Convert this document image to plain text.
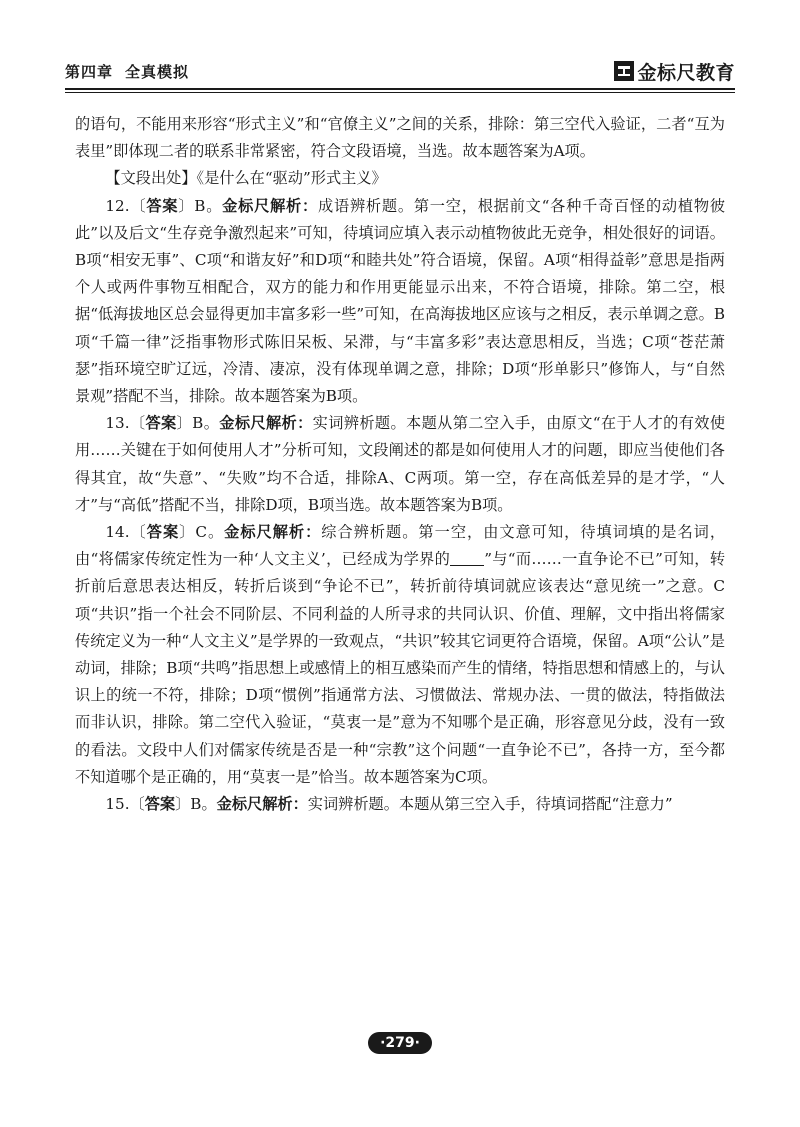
第四章 全真模拟	金标尺教育

的语句，不能用来形容“形式主义”和“官僚主义”之间的关系，排除：第三空代入验证，二者“互为表里”即体现二者的联系非常紧密，符合文段语境，当选。故本题答案为A项。

【文段出处】《是什么在“驱动”形式主义》

12.〔答案〕B。金标尺解析：成语辨析题。第一空，根据前文“各种千奇百怪的动植物彼此”以及后文“生存竞争激烈起来”可知，待填词应填入表示动植物彼此无竞争，相处很好的词语。B项“相安无事”、C项“和谐友好”和D项“和睦共处”符合语境，保留。A项“相得益彰”意思是指两个人或两件事物互相配合，双方的能力和作用更能显示出来，不符合语境，排除。第二空，根据“低海拔地区总会显得更加丰富多彩一些”可知，在高海拔地区应该与之相反，表示单调之意。B项“千篇一律”泛指事物形式陈旧呆板、呆滞，与“丰富多彩”表达意思相反，当选；C项“苍茫萧瑟”指环境空旷辽远，冷清、凄凉，没有体现单调之意，排除；D项“形单影只”修饰人，与“自然景观”搭配不当，排除。故本题答案为B项。

13.〔答案〕B。金标尺解析：实词辨析题。本题从第二空入手，由原文“在于人才的有效使用……关键在于如何使用人才”分析可知，文段阐述的都是如何使用人才的问题，即应当使他们各得其宜，故“失意”、“失败”均不合适，排除A、C两项。第一空，存在高低差异的是才学，“人才”与“高低”搭配不当，排除D项，B项当选。故本题答案为B项。

14.〔答案〕C。金标尺解析：综合辨析题。第一空，由文意可知，待填词填的是名词，由“将儒家传统定性为一种‘人文主义’，已经成为学界的 ”与“而……一直争论不已”可知，转折前后意思表达相反，转折后谈到“争论不已”，转折前待填词就应该表达“意见统一”之意。C项“共识”指一个社会不同阶层、不同利益的人所寻求的共同认识、价值、理解，文中指出将儒家传统定义为一种“人文主义”是学界的一致观点，“共识”较其它词更符合语境，保留。A项“公认”是动词，排除；B项“共鸣”指思想上或感情上的相互感染而产生的情绪，特指思想和情感上的，与认识上的统一不符，排除；D项“惯例”指通常方法、习惯做法、常规办法、一贯的做法，特指做法而非认识，排除。第二空代入验证，“莫衷一是”意为不知哪个是正确，形容意见分歧，没有一致的看法。文段中人们对儒家传统是否是一种“宗教”这个问题“一直争论不已”，各持一方，至今都不知道哪个是正确的，用“莫衷一是”恰当。故本题答案为C项。

15.〔答案〕B。金标尺解析：实词辨析题。本题从第三空入手，待填词搭配“注意力”

·279·
